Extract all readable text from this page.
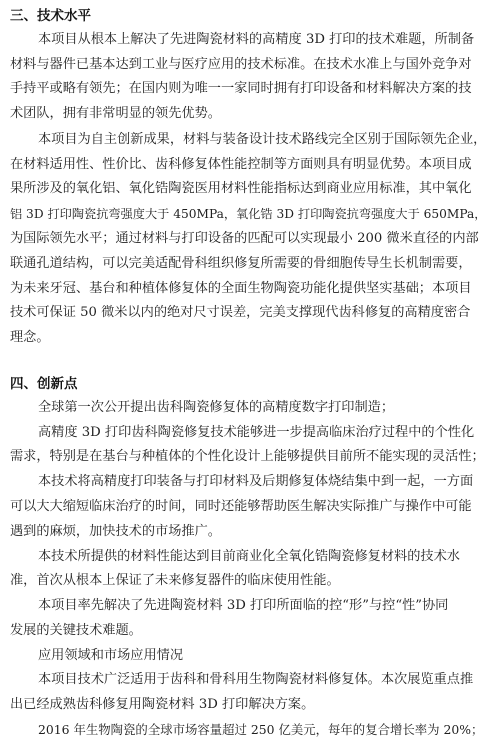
三、技术水平
本项目从根本上解决了先进陶瓷材料的高精度 3D 打印的技术难题，所制备
材料与器件已基本达到工业与医疗应用的技术标准。在技术水准上与国外竞争对
手持平或略有领先；在国内则为唯一一家同时拥有打印设备和材料解决方案的技
术团队，拥有非常明显的领先优势。
本项目为自主创新成果，材料与装备设计技术路线完全区别于国际领先企业，
在材料适用性、性价比、齿科修复体性能控制等方面则具有明显优势。本项目成
果所涉及的氧化铝、氧化锆陶瓷医用材料性能指标达到商业应用标准，其中氧化
铝 3D 打印陶瓷抗弯强度大于 450MPa，氧化锆 3D 打印陶瓷抗弯强度大于 650MPa，
为国际领先水平；通过材料与打印设备的匹配可以实现最小 200 微米直径的内部
联通孔道结构，可以完美适配骨科组织修复所需要的骨细胞传导生长机制需要，
为未来牙冠、基台和种植体修复体的全面生物陶瓷功能化提供坚实基础；本项目
技术可保证 50 微米以内的绝对尺寸误差，完美支撑现代齿科修复的高精度密合
理念。
四、创新点
全球第一次公开提出齿科陶瓷修复体的高精度数字打印制造；
高精度 3D 打印齿科陶瓷修复技术能够进一步提高临床治疗过程中的个性化
需求，特别是在基台与种植体的个性化设计上能够提供目前所不能实现的灵活性；
本技术将高精度打印装备与打印材料及后期修复体烧结集中到一起，一方面
可以大大缩短临床治疗的时间，同时还能够帮助医生解决实际推广与操作中可能
遇到的麻烦，加快技术的市场推广。
本技术所提供的材料性能达到目前商业化全氧化锆陶瓷修复材料的技术水
准，首次从根本上保证了未来修复器件的临床使用性能。
本项目率先解决了先进陶瓷材料 3D 打印所面临的控“形”与控“性”协同
发展的关键技术难题。
应用领域和市场应用情况
本项目技术广泛适用于齿科和骨科用生物陶瓷材料修复体。本次展览重点推
出已经成熟齿科修复用陶瓷材料 3D 打印解决方案。
2016 年生物陶瓷的全球市场容量超过 250 亿美元，每年的复合增长率为 20%；
